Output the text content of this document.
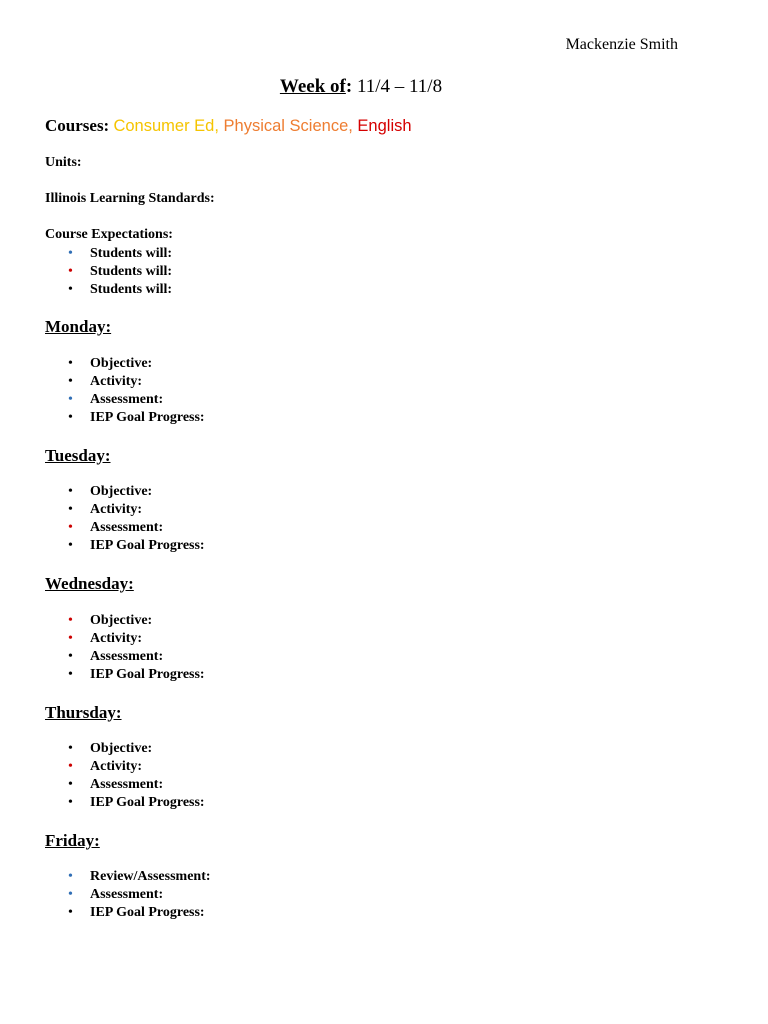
Mackenzie Smith
Week of: 11/4 – 11/8
Courses: Consumer Ed, Physical Science, English
Units:
Illinois Learning Standards:
Course Expectations:
• Students will:
• Students will:
• Students will:
Monday:
• Objective:
• Activity:
• Assessment:
• IEP Goal Progress:
Tuesday:
• Objective:
• Activity:
• Assessment:
• IEP Goal Progress:
Wednesday:
• Objective:
• Activity:
• Assessment:
• IEP Goal Progress:
Thursday:
• Objective:
• Activity:
• Assessment:
• IEP Goal Progress:
Friday:
• Review/Assessment:
• Assessment:
• IEP Goal Progress:
